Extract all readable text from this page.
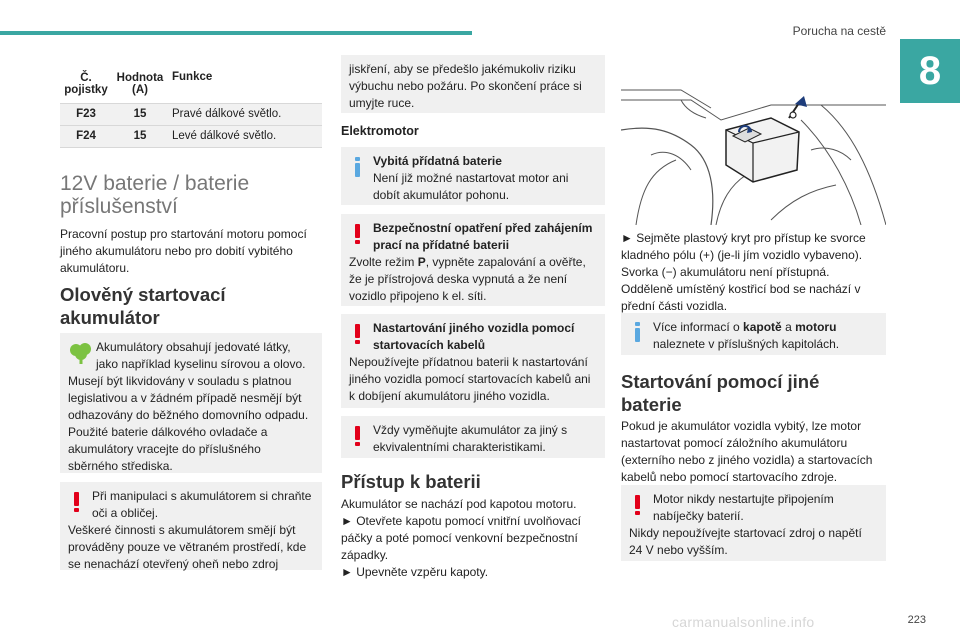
Porucha na cestě
8
Č. pojistky	Hodnota (A)	Funkce
F23	15	Pravé dálkové světlo.
F24	15	Levé dálkové světlo.
12V baterie / baterie příslušenství
Pracovní postup pro startování motoru pomocí jiného akumulátoru nebo pro dobití vybitého akumulátoru.
Olověný startovací akumulátor
Akumulátory obsahují jedovaté látky, jako například kyselinu sírovou a olovo.
Musejí být likvidovány v souladu s platnou legislativou a v žádném případě nesmějí být odhazovány do běžného domovního odpadu. Použité baterie dálkového ovladače a akumulátory vracejte do příslušného sběrného střediska.
Při manipulaci s akumulátorem si chraňte oči a obličej.
Veškeré činnosti s akumulátorem smějí být prováděny pouze ve větraném prostředí, kde se nenachází otevřený oheň nebo zdroj
jiskření, aby se předešlo jakémukoliv riziku výbuchu nebo požáru. Po skončení práce si umyjte ruce.
Elektromotor
Vybitá přídatná baterie
Není již možné nastartovat motor ani dobít akumulátor pohonu.
Bezpečnostní opatření před zahájením prací na přídatné baterii
Zvolte režim P, vypněte zapalování a ověřte, že je přístrojová deska vypnutá a že není vozidlo připojeno k el. síti.
Nastartování jiného vozidla pomocí startovacích kabelů
Nepoužívejte přídatnou baterii k nastartování jiného vozidla pomocí startovacích kabelů ani k dobíjení akumulátoru jiného vozidla.
Vždy vyměňujte akumulátor za jiný s ekvivalentními charakteristikami.
Přístup k baterii
Akumulátor se nachází pod kapotou motoru.
► Otevřete kapotu pomocí vnitřní uvolňovací páčky a poté pomocí venkovní bezpečnostní západky.
► Upevněte vzpěru kapoty.
► Sejměte plastový kryt pro přístup ke svorce kladného pólu (+) (je-li jím vozidlo vybaveno). Svorka (−) akumulátoru není přístupná. Odděleně umístěný kostřicí bod se nachází v přední části vozidla.
Více informací o kapotě a motoru naleznete v příslušných kapitolách.
Startování pomocí jiné baterie
Pokud je akumulátor vozidla vybitý, lze motor nastartovat pomocí záložního akumulátoru (externího nebo z jiného vozidla) a startovacích kabelů nebo pomocí startovacího zdroje.
Motor nikdy nestartujte připojením nabíječky baterií.
Nikdy nepoužívejte startovací zdroj o napětí 24 V nebo vyšším.
carmanualsonline.info	223
